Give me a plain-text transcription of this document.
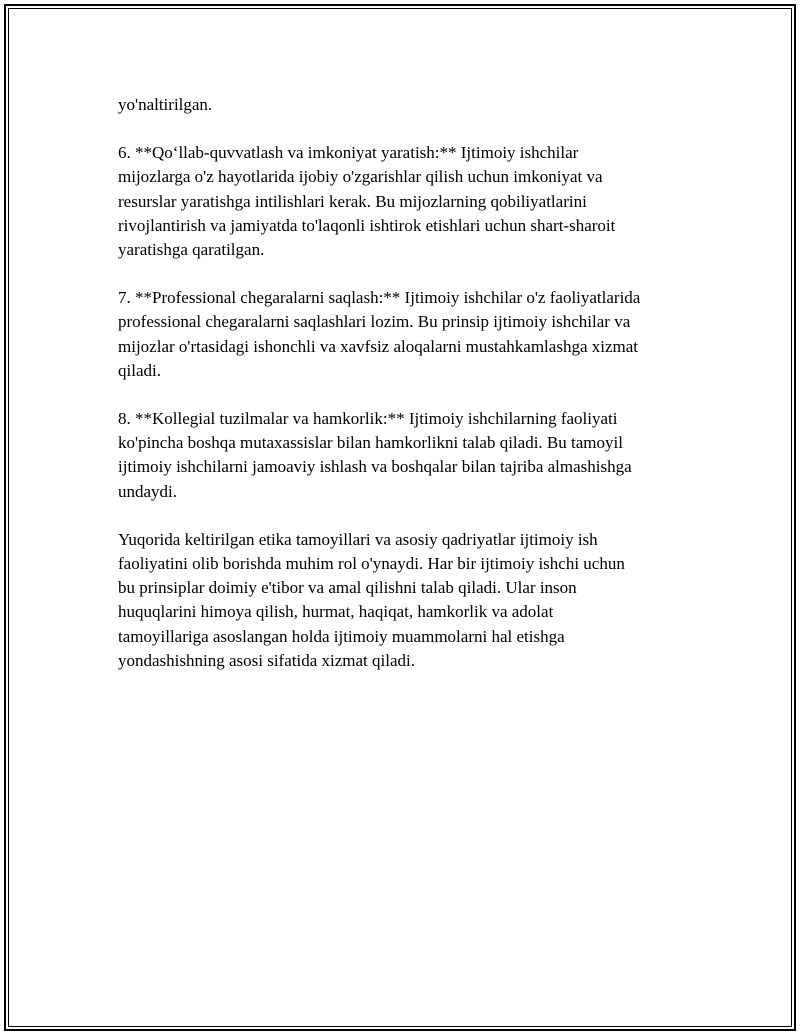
yo'naltirilgan.

6. **Qo‘llab-quvvatlash va imkoniyat yaratish:** Ijtimoiy ishchilar
mijozlarga o'z hayotlarida ijobiy o'zgarishlar qilish uchun imkoniyat va
resurslar yaratishga intilishlari kerak. Bu mijozlarning qobiliyatlarini
rivojlantirish va jamiyatda to'laqonli ishtirok etishlari uchun shart-sharoit
yaratishga qaratilgan.

7. **Professional chegaralarni saqlash:** Ijtimoiy ishchilar o'z faoliyatlarida
professional chegaralarni saqlashlari lozim. Bu prinsip ijtimoiy ishchilar va
mijozlar o'rtasidagi ishonchli va xavfsiz aloqalarni mustahkamlashga xizmat
qiladi.

8. **Kollegial tuzilmalar va hamkorlik:** Ijtimoiy ishchilarning faoliyati
ko'pincha boshqa mutaxassislar bilan hamkorlikni talab qiladi. Bu tamoyil
ijtimoiy ishchilarni jamoaviy ishlash va boshqalar bilan tajriba almashishga
undaydi.

Yuqorida keltirilgan etika tamoyillari va asosiy qadriyatlar ijtimoiy ish
faoliyatini olib borishda muhim rol o'ynaydi. Har bir ijtimoiy ishchi uchun
bu prinsiplar doimiy e'tibor va amal qilishni talab qiladi. Ular inson
huquqlarini himoya qilish, hurmat, haqiqat, hamkorlik va adolat
tamoyillariga asoslangan holda ijtimoiy muammolarni hal etishga
yondashishning asosi sifatida xizmat qiladi.
